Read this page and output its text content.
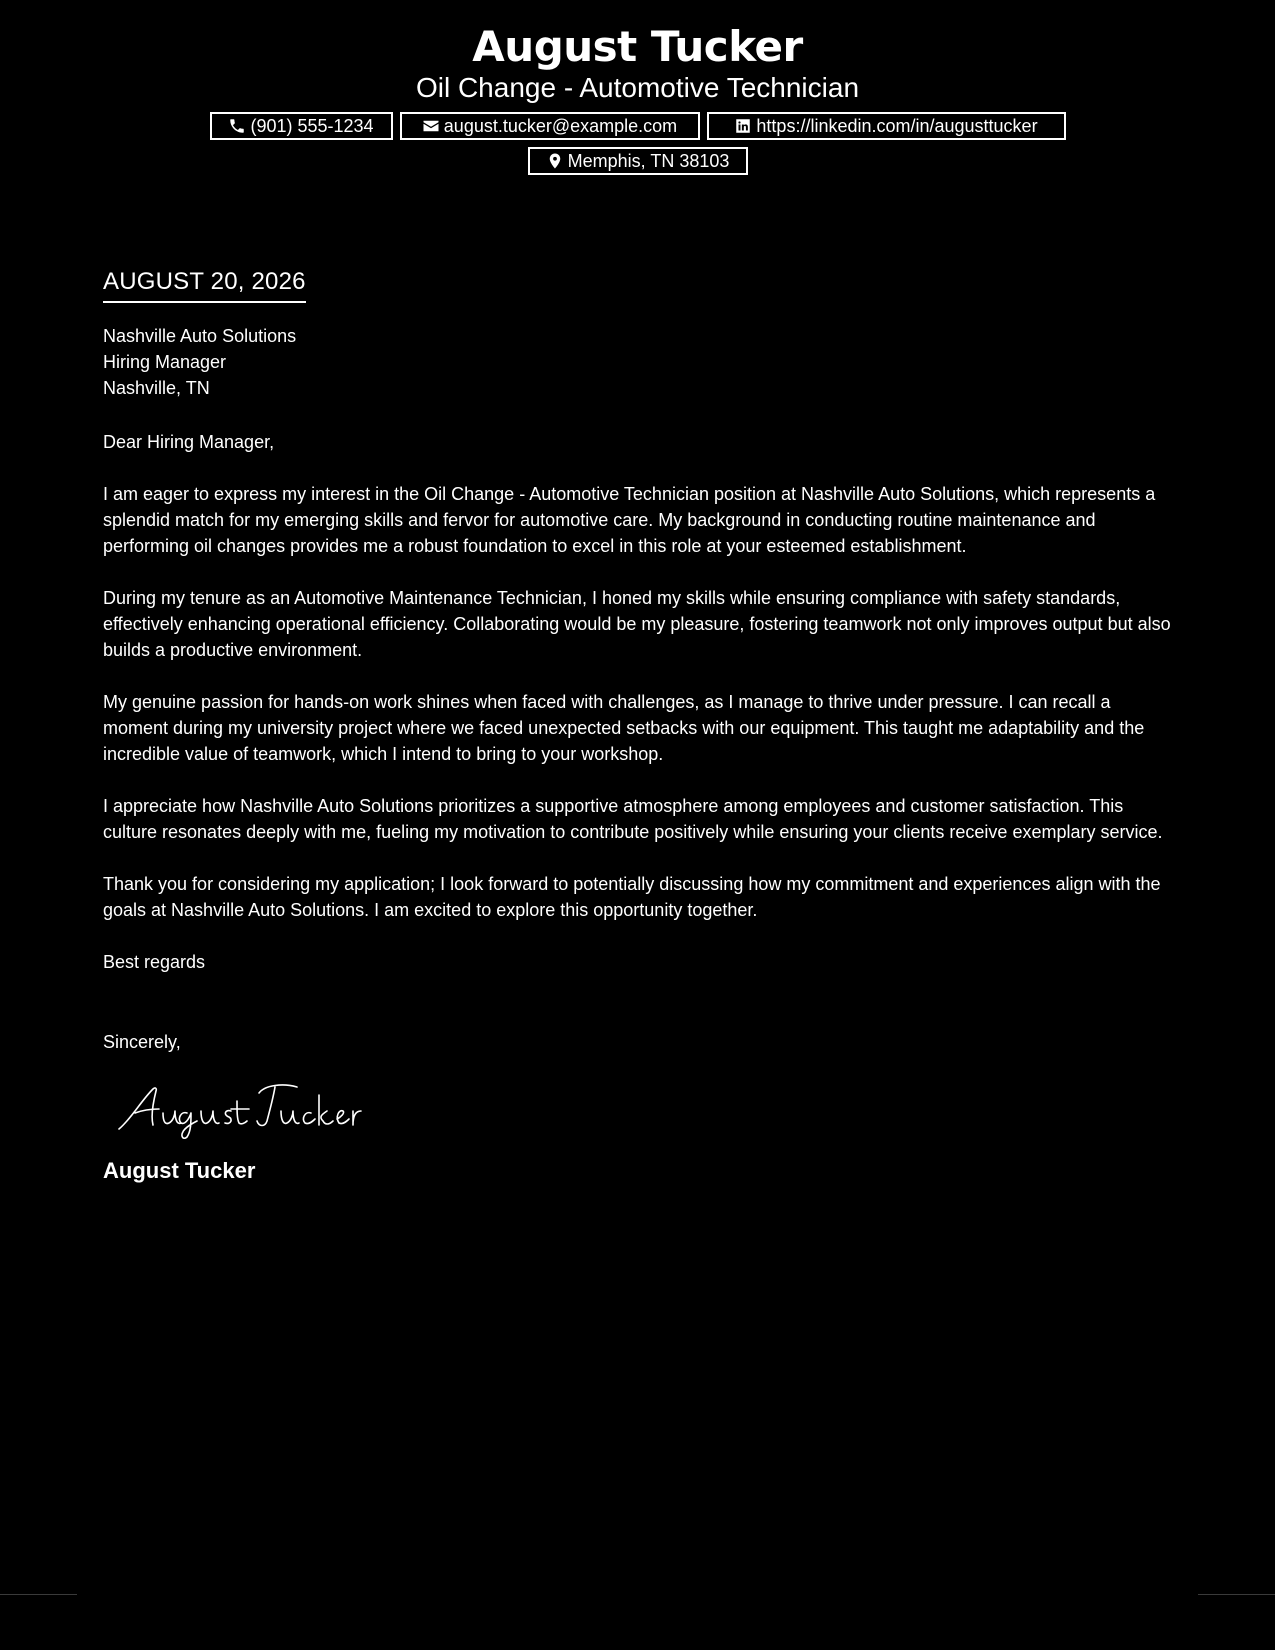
August Tucker

Oil Change - Automotive Technician

(901) 555-1234	august.tucker@example.com	https://linkedin.com/in/augusttucker
Memphis, TN 38103
AUGUST 20, 2026
Nashville Auto Solutions
Hiring Manager
Nashville, TN
Dear Hiring Manager,
I am eager to express my interest in the Oil Change - Automotive Technician position at Nashville Auto Solutions, which represents a splendid match for my emerging skills and fervor for automotive care. My background in conducting routine maintenance and performing oil changes provides me a robust foundation to excel in this role at your esteemed establishment.
During my tenure as an Automotive Maintenance Technician, I honed my skills while ensuring compliance with safety standards, effectively enhancing operational efficiency. Collaborating would be my pleasure, fostering teamwork not only improves output but also builds a productive environment.
My genuine passion for hands-on work shines when faced with challenges, as I manage to thrive under pressure. I can recall a moment during my university project where we faced unexpected setbacks with our equipment. This taught me adaptability and the incredible value of teamwork, which I intend to bring to your workshop.
I appreciate how Nashville Auto Solutions prioritizes a supportive atmosphere among employees and customer satisfaction. This culture resonates deeply with me, fueling my motivation to contribute positively while ensuring your clients receive exemplary service.
Thank you for considering my application; I look forward to potentially discussing how my commitment and experiences align with the goals at Nashville Auto Solutions. I am excited to explore this opportunity together.
Best regards
Sincerely,
August Tucker
